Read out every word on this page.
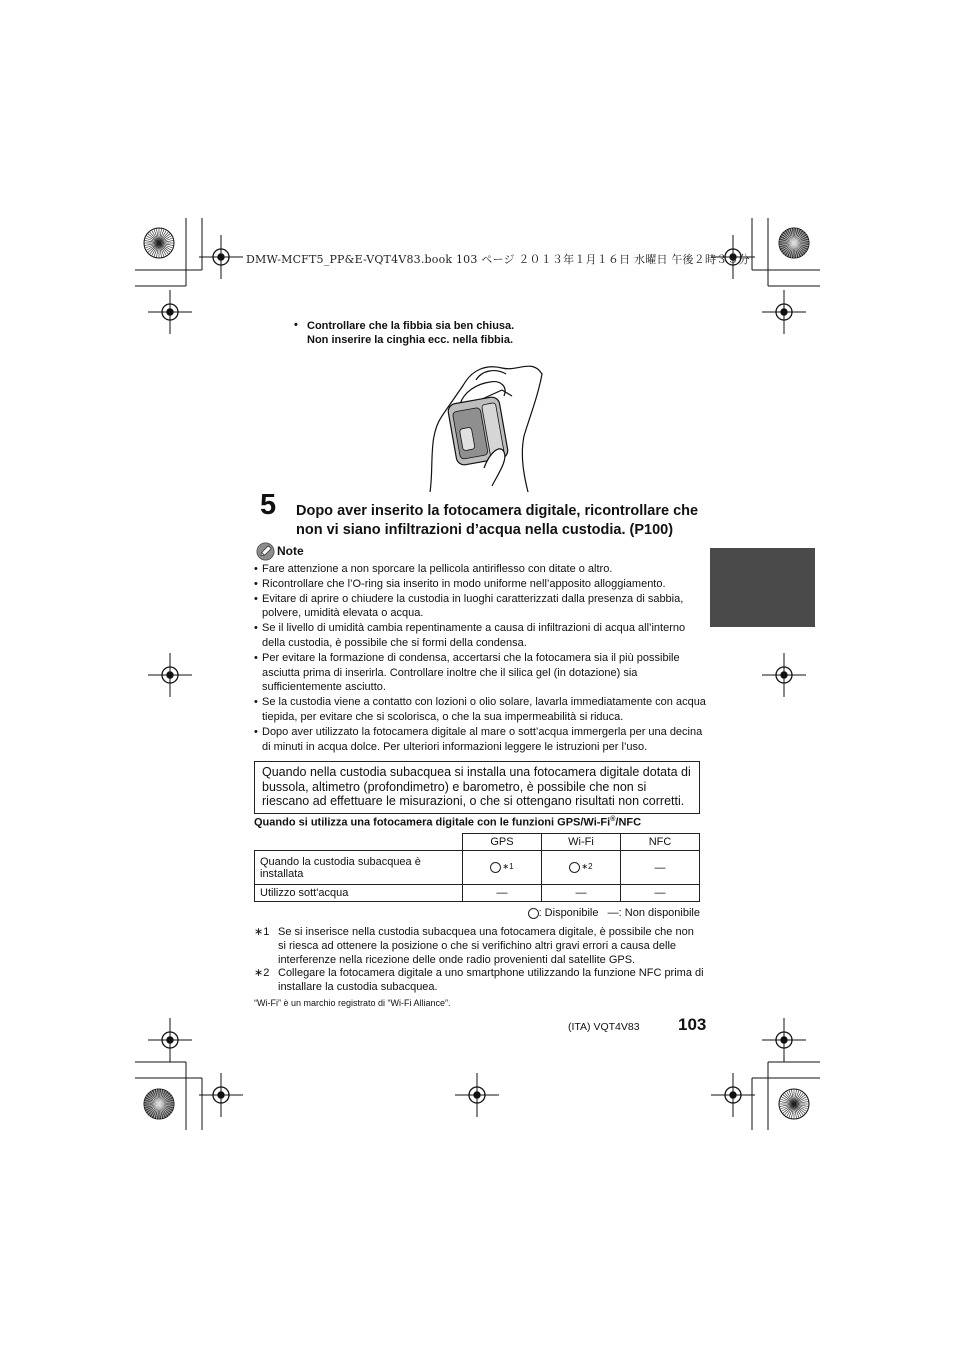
DMW-MCFT5_PP&E-VQT4V83.book 103 ページ ２０１３年１月１６日 水曜日 午後２時３５分
• Controllare che la fibbia sia ben chiusa.
Non inserire la cinghia ecc. nella fibbia.
5 Dopo aver inserito la fotocamera digitale, ricontrollare che non vi siano infiltrazioni d’acqua nella custodia. (P100)
Note
• Fare attenzione a non sporcare la pellicola antiriflesso con ditate o altro.
• Ricontrollare che l’O-ring sia inserito in modo uniforme nell’apposito alloggiamento.
• Evitare di aprire o chiudere la custodia in luoghi caratterizzati dalla presenza di sabbia, polvere, umidità elevata o acqua.
• Se il livello di umidità cambia repentinamente a causa di infiltrazioni di acqua all’interno della custodia, è possibile che si formi della condensa.
• Per evitare la formazione di condensa, accertarsi che la fotocamera sia il più possibile asciutta prima di inserirla. Controllare inoltre che il silica gel (in dotazione) sia sufficientemente asciutto.
• Se la custodia viene a contatto con lozioni o olio solare, lavarla immediatamente con acqua tiepida, per evitare che si scolorisca, o che la sua impermeabilità si riduca.
• Dopo aver utilizzato la fotocamera digitale al mare o sott’acqua immergerla per una decina di minuti in acqua dolce. Per ulteriori informazioni leggere le istruzioni per l’uso.
Quando nella custodia subacquea si installa una fotocamera digitale dotata di bussola, altimetro (profondimetro) e barometro, è possibile che non si riescano ad effettuare le misurazioni, o che si ottengano risultati non corretti.
Quando si utilizza una fotocamera digitale con le funzioni GPS/Wi-Fi®/NFC
	GPS	Wi-Fi	NFC
Quando la custodia subacquea è installata	$^{∗1}$	$^{∗2}$	—
Utilizzo sott'acqua	—	—	—
: Disponibile —: Non disponibile
∗1 Se si inserisce nella custodia subacquea una fotocamera digitale, è possibile che non si riesca ad ottenere la posizione o che si verifichino altri gravi errori a causa delle interferenze nella ricezione delle onde radio provenienti dal satellite GPS.
∗2 Collegare la fotocamera digitale a uno smartphone utilizzando la funzione NFC prima di installare la custodia subacquea.
“Wi-Fi” è un marchio registrato di “Wi-Fi Alliance”.
(ITA) VQT4V83 103
